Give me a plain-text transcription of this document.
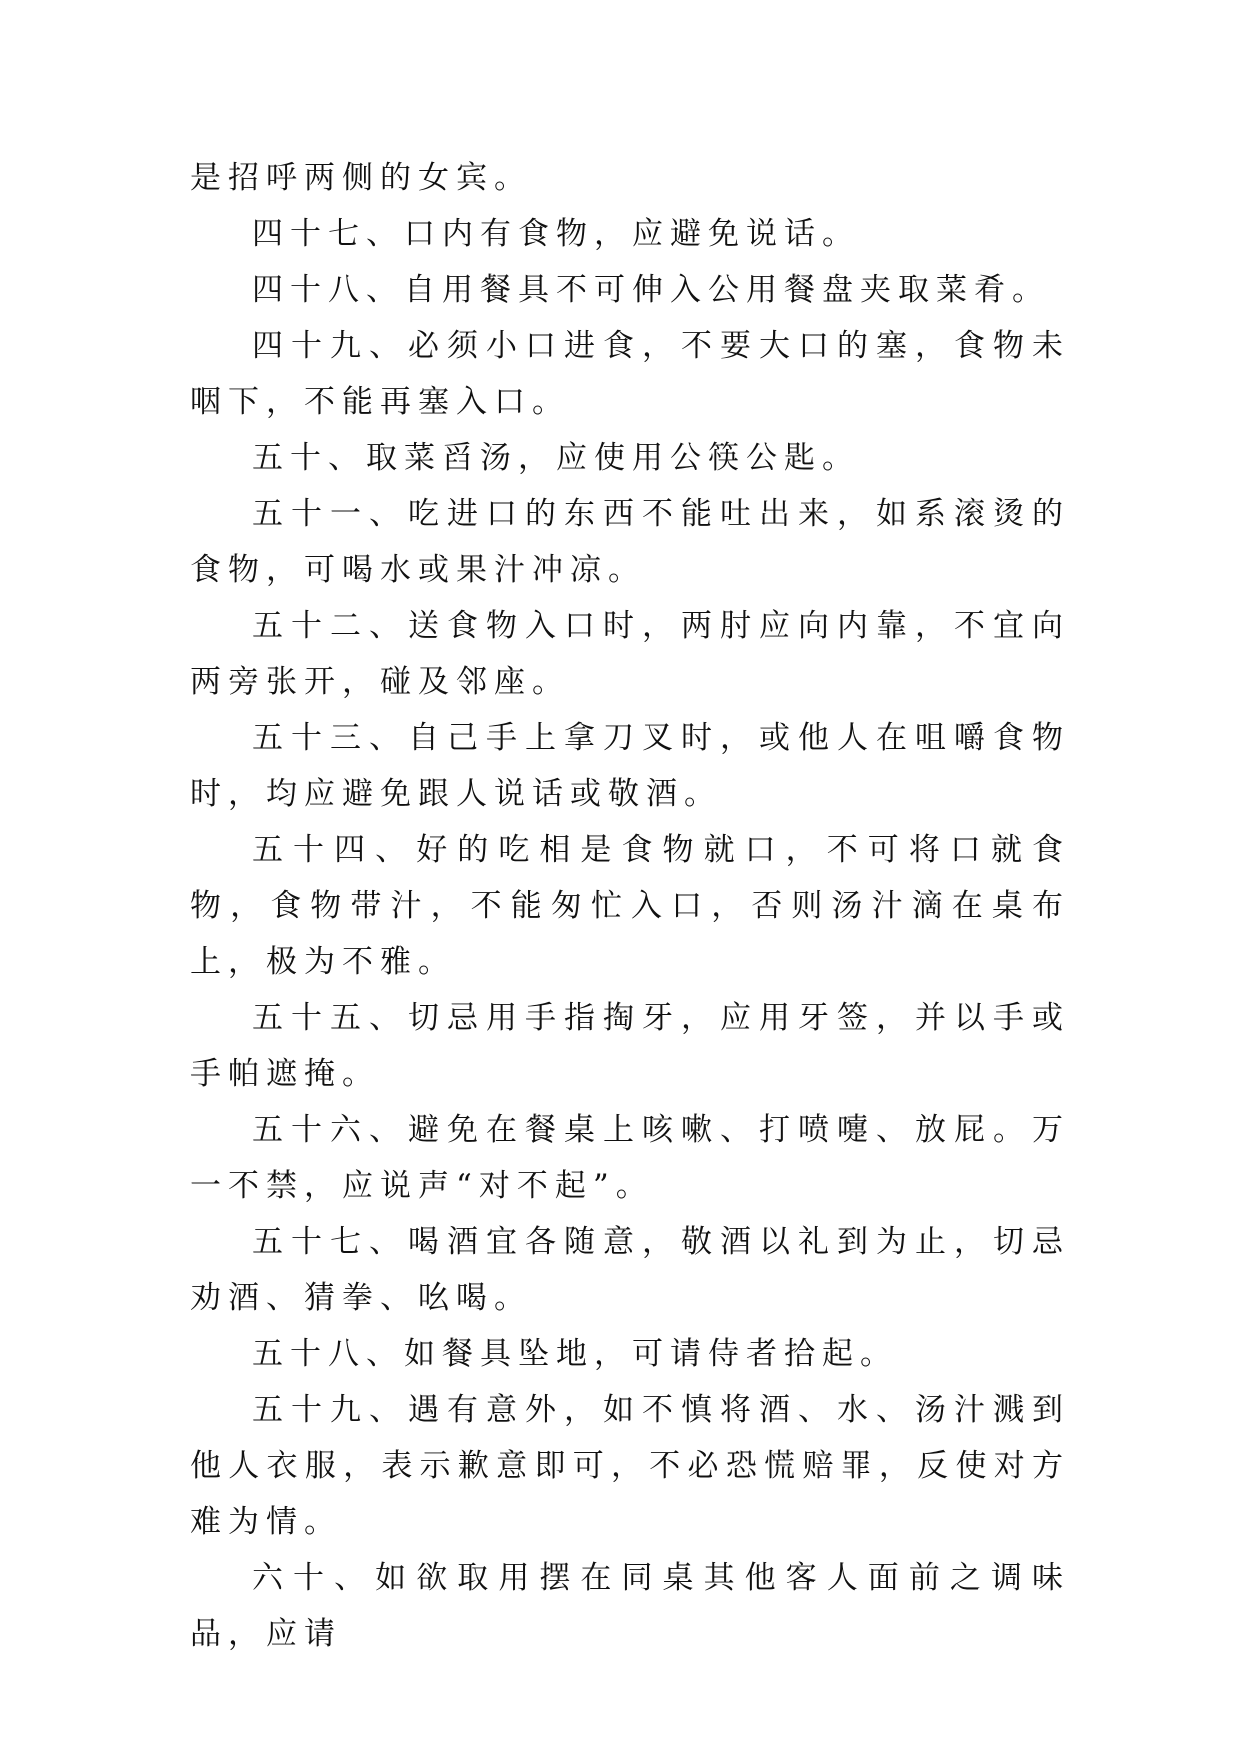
是招呼两侧的女宾。

四十七、口内有食物，应避免说话。

四十八、自用餐具不可伸入公用餐盘夹取菜肴。

四十九、必须小口进食，不要大口的塞，食物未咽下，不能再塞入口。

五十、取菜舀汤，应使用公筷公匙。

五十一、吃进口的东西不能吐出来，如系滚烫的食物，可喝水或果汁冲凉。

五十二、送食物入口时，两肘应向内靠，不宜向两旁张开，碰及邻座。

五十三、自己手上拿刀叉时，或他人在咀嚼食物时，均应避免跟人说话或敬酒。

五十四、好的吃相是食物就口，不可将口就食物，食物带汁，不能匆忙入口，否则汤汁滴在桌布上，极为不雅。

五十五、切忌用手指掏牙，应用牙签，并以手或手帕遮掩。

五十六、避免在餐桌上咳嗽、打喷嚏、放屁。万一不禁，应说声“对不起”。

五十七、喝酒宜各随意，敬酒以礼到为止，切忌劝酒、猜拳、吆喝。

五十八、如餐具坠地，可请侍者拾起。

五十九、遇有意外，如不慎将酒、水、汤汁溅到他人衣服，表示歉意即可，不必恐慌赔罪，反使对方难为情。

六十、如欲取用摆在同桌其他客人面前之调味品，应请
